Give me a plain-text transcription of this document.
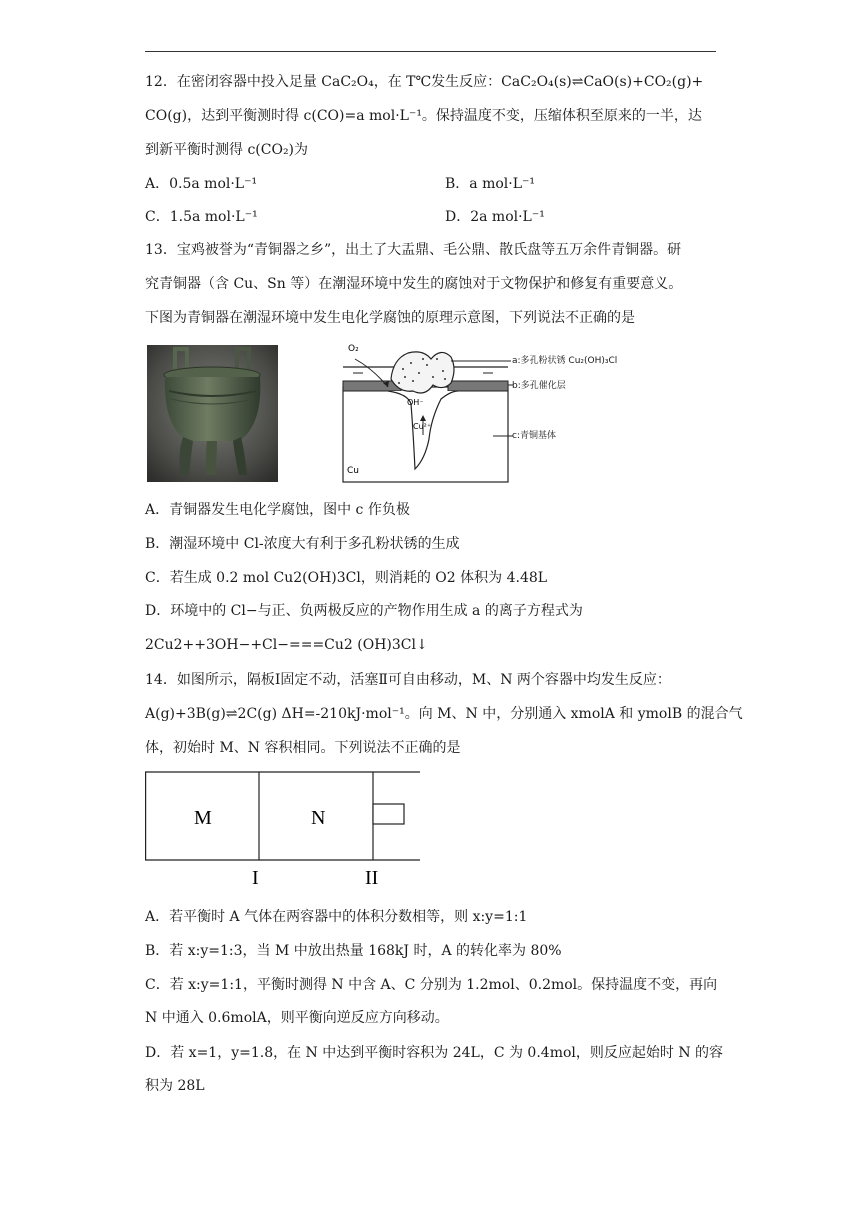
12．在密闭容器中投入足量 CaC₂O₄，在 T℃发生反应：CaC₂O₄(s)⇌CaO(s)+CO₂(g)+
CO(g)，达到平衡测时得 c(CO)=a mol·L⁻¹。保持温度不变，压缩体积至原来的一半，达
到新平衡时测得 c(CO₂)为
A．0.5a mol·L⁻¹	B．a mol·L⁻¹
C．1.5a mol·L⁻¹	D．2a mol·L⁻¹
13．宝鸡被誉为“青铜器之乡”，出土了大盂鼎、毛公鼎、散氏盘等五万余件青铜器。研
究青铜器（含 Cu、Sn 等）在潮湿环境中发生的腐蚀对于文物保护和修复有重要意义。
下图为青铜器在潮湿环境中发生电化学腐蚀的原理示意图，下列说法不正确的是
O₂
OH⁻
Cu²⁺
Cu
a:多孔粉状锈 Cu₂(OH)₃Cl
b:多孔催化层
c:青铜基体
A．青铜器发生电化学腐蚀，图中 c 作负极
B．潮湿环境中 Cl-浓度大有利于多孔粉状锈的生成
C．若生成 0.2 mol Cu2(OH)3Cl，则消耗的 O2 体积为 4.48L
D．环境中的 Cl−与正、负两极反应的产物作用生成 a 的离子方程式为
2Cu2++3OH−+Cl−===Cu2 (OH)3Cl↓
14．如图所示，隔板Ⅰ固定不动，活塞Ⅱ可自由移动，M、N 两个容器中均发生反应：
A(g)+3B(g)⇌2C(g) ΔH=-210kJ·mol⁻¹。向 M、N 中，分别通入 xmolA 和 ymolB 的混合气
体，初始时 M、N 容积相同。下列说法不正确的是
M	N
I	II
A．若平衡时 A 气体在两容器中的体积分数相等，则 x:y=1:1
B．若 x:y=1:3，当 M 中放出热量 168kJ 时，A 的转化率为 80%
C．若 x:y=1:1，平衡时测得 N 中含 A、C 分别为 1.2mol、0.2mol。保持温度不变，再向
N 中通入 0.6molA，则平衡向逆反应方向移动。
D．若 x=1，y=1.8，在 N 中达到平衡时容积为 24L，C 为 0.4mol，则反应起始时 N 的容
积为 28L
